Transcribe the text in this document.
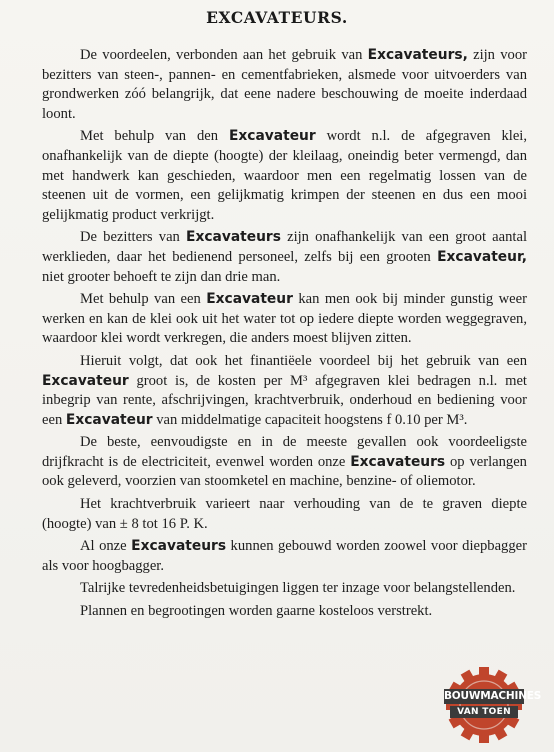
EXCAVATEURS.

De voordeelen, verbonden aan het gebruik van Excavateurs, zijn voor bezitters van steen-, pannen- en cementfabrieken, alsmede voor uitvoerders van grondwerken zóó belangrijk, dat eene nadere beschouwing de moeite inderdaad loont.

Met behulp van den Excavateur wordt n.l. de afgegraven klei, onafhankelijk van de diepte (hoogte) der kleilaag, oneindig beter vermengd, dan met handwerk kan geschieden, waardoor men een regelmatig lossen van de steenen uit de vormen, een gelijkmatig krimpen der steenen en dus een mooi gelijkmatig product verkrijgt.

De bezitters van Excavateurs zijn onafhankelijk van een groot aantal werklieden, daar het bedienend personeel, zelfs bij een grooten Excavateur, niet grooter behoeft te zijn dan drie man.

Met behulp van een Excavateur kan men ook bij minder gunstig weer werken en kan de klei ook uit het water tot op iedere diepte worden weggegraven, waardoor klei wordt verkregen, die anders moest blijven zitten.

Hieruit volgt, dat ook het finantiëele voordeel bij het gebruik van een Excavateur groot is, de kosten per M³ afgegraven klei bedragen n.l. met inbegrip van rente, afschrijvingen, krachtverbruik, onderhoud en bediening voor een Excavateur van middelmatige capaciteit hoogstens f 0.10 per M³.

De beste, eenvoudigste en in de meeste gevallen ook voordeeligste drijfkracht is de electriciteit, evenwel worden onze Excavateurs op verlangen ook geleverd, voorzien van stoomketel en machine, benzine- of oliemotor.

Het krachtverbruik varieert naar verhouding van de te graven diepte (hoogte) van ± 8 tot 16 P. K.

Al onze Excavateurs kunnen gebouwd worden zoowel voor diepbagger als voor hoogbagger.

Talrijke tevredenheidsbetuigingen liggen ter inzage voor belangstellenden.

Plannen en begrootingen worden gaarne kosteloos verstrekt.

BOUWMACHINES
VAN TOEN
